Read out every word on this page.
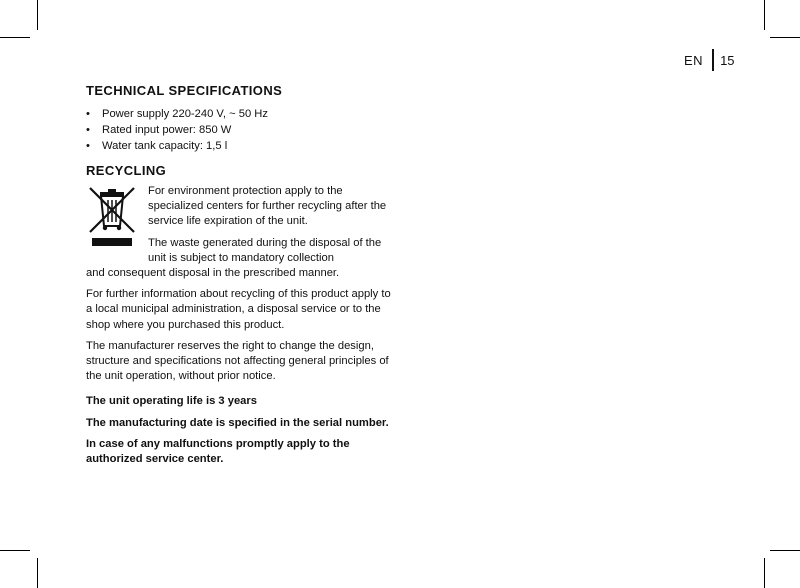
EN 15
TECHNICAL SPECIFICATIONS
• Power supply 220-240 V, ~ 50 Hz
• Rated input power: 850 W
• Water tank capacity: 1,5 l
RECYCLING

For environment protection apply to the specialized centers for further recycling after the service life expiration of the unit.

The waste generated during the disposal of the unit is subject to mandatory collection

and consequent disposal in the prescribed manner.

For further information about recycling of this product apply to a local municipal administration, a disposal service or to the shop where you purchased this product.

The manufacturer reserves the right to change the design, structure and specifications not affecting general principles of the unit operation, without prior notice.

The unit operating life is 3 years

The manufacturing date is specified in the serial number.

In case of any malfunctions promptly apply to the authorized service center.
